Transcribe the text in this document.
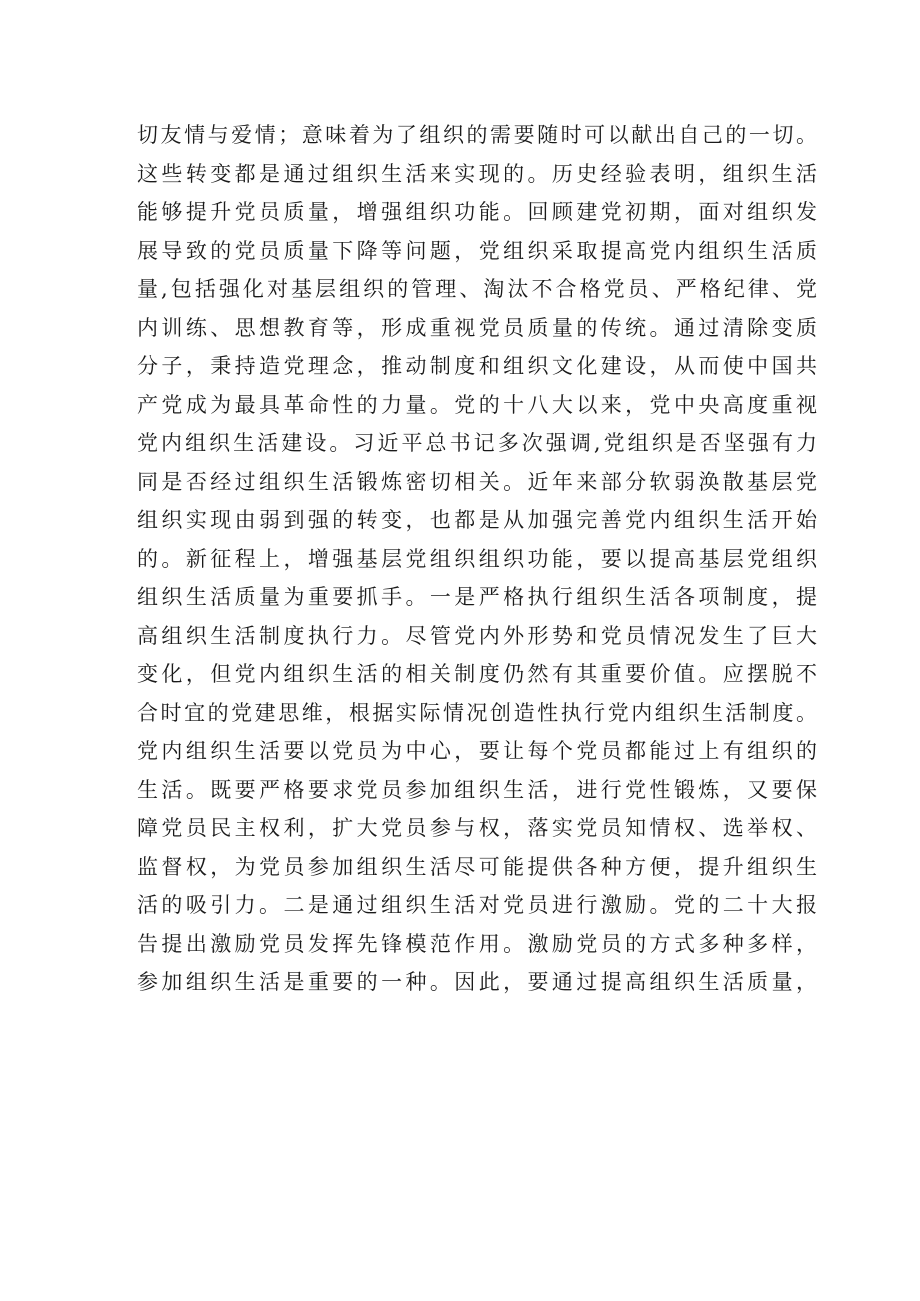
切友情与爱情；意味着为了组织的需要随时可以献出自己的一切。
这些转变都是通过组织生活来实现的。历史经验表明，组织生活
能够提升党员质量，增强组织功能。回顾建党初期，面对组织发
展导致的党员质量下降等问题，党组织采取提高党内组织生活质
量,包括强化对基层组织的管理、淘汰不合格党员、严格纪律、党
内训练、思想教育等，形成重视党员质量的传统。通过清除变质
分子，秉持造党理念，推动制度和组织文化建设，从而使中国共
产党成为最具革命性的力量。党的十八大以来，党中央高度重视
党内组织生活建设。习近平总书记多次强调,党组织是否坚强有力
同是否经过组织生活锻炼密切相关。近年来部分软弱涣散基层党
组织实现由弱到强的转变，也都是从加强完善党内组织生活开始
的。新征程上，增强基层党组织组织功能，要以提高基层党组织
组织生活质量为重要抓手。一是严格执行组织生活各项制度，提
高组织生活制度执行力。尽管党内外形势和党员情况发生了巨大
变化，但党内组织生活的相关制度仍然有其重要价值。应摆脱不
合时宜的党建思维，根据实际情况创造性执行党内组织生活制度。
党内组织生活要以党员为中心，要让每个党员都能过上有组织的
生活。既要严格要求党员参加组织生活，进行党性锻炼，又要保
障党员民主权利，扩大党员参与权，落实党员知情权、选举权、
监督权，为党员参加组织生活尽可能提供各种方便，提升组织生
活的吸引力。二是通过组织生活对党员进行激励。党的二十大报
告提出激励党员发挥先锋模范作用。激励党员的方式多种多样，
参加组织生活是重要的一种。因此，要通过提高组织生活质量，
